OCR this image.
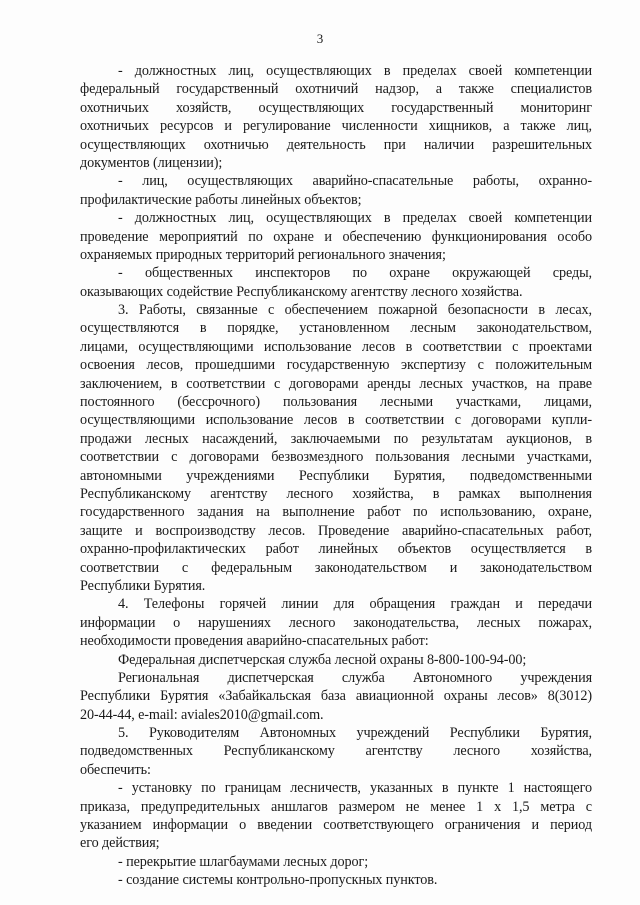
3
- должностных лиц, осуществляющих в пределах своей компетенции
федеральный государственный охотничий надзор, а также специалистов
охотничьих хозяйств, осуществляющих государственный мониторинг
охотничьих ресурсов и регулирование численности хищников, а также лиц,
осуществляющих охотничью деятельность при наличии разрешительных
документов (лицензии);
- лиц, осуществляющих аварийно-спасательные работы, охранно-
профилактические работы линейных объектов;
- должностных лиц, осуществляющих в пределах своей компетенции
проведение мероприятий по охране и обеспечению функционирования особо
охраняемых природных территорий регионального значения;
- общественных инспекторов по охране окружающей среды,
оказывающих содействие Республиканскому агентству лесного хозяйства.
3. Работы, связанные с обеспечением пожарной безопасности в лесах,
осуществляются в порядке, установленном лесным законодательством,
лицами, осуществляющими использование лесов в соответствии с проектами
освоения лесов, прошедшими государственную экспертизу с положительным
заключением, в соответствии с договорами аренды лесных участков, на праве
постоянного (бессрочного) пользования лесными участками, лицами,
осуществляющими использование лесов в соответствии с договорами купли-
продажи лесных насаждений, заключаемыми по результатам аукционов, в
соответствии с договорами безвозмездного пользования лесными участками,
автономными учреждениями Республики Бурятия, подведомственными
Республиканскому агентству лесного хозяйства, в рамках выполнения
государственного задания на выполнение работ по использованию, охране,
защите и воспроизводству лесов. Проведение аварийно-спасательных работ,
охранно-профилактических работ линейных объектов осуществляется в
соответствии с федеральным законодательством и законодательством
Республики Бурятия.
4. Телефоны горячей линии для обращения граждан и передачи
информации о нарушениях лесного законодательства, лесных пожарах,
необходимости проведения аварийно-спасательных работ:
Федеральная диспетчерская служба лесной охраны 8-800-100-94-00;
Региональная диспетчерская служба Автономного учреждения
Республики Бурятия «Забайкальская база авиационной охраны лесов» 8(3012)
20-44-44, e-mail: aviales2010@gmail.com.
5. Руководителям Автономных учреждений Республики Бурятия,
подведомственных Республиканскому агентству лесного хозяйства,
обеспечить:
- установку по границам лесничеств, указанных в пункте 1 настоящего
приказа, предупредительных аншлагов размером не менее 1 х 1,5 метра с
указанием информации о введении соответствующего ограничения и период
его действия;
- перекрытие шлагбаумами лесных дорог;
- создание системы контрольно-пропускных пунктов.
